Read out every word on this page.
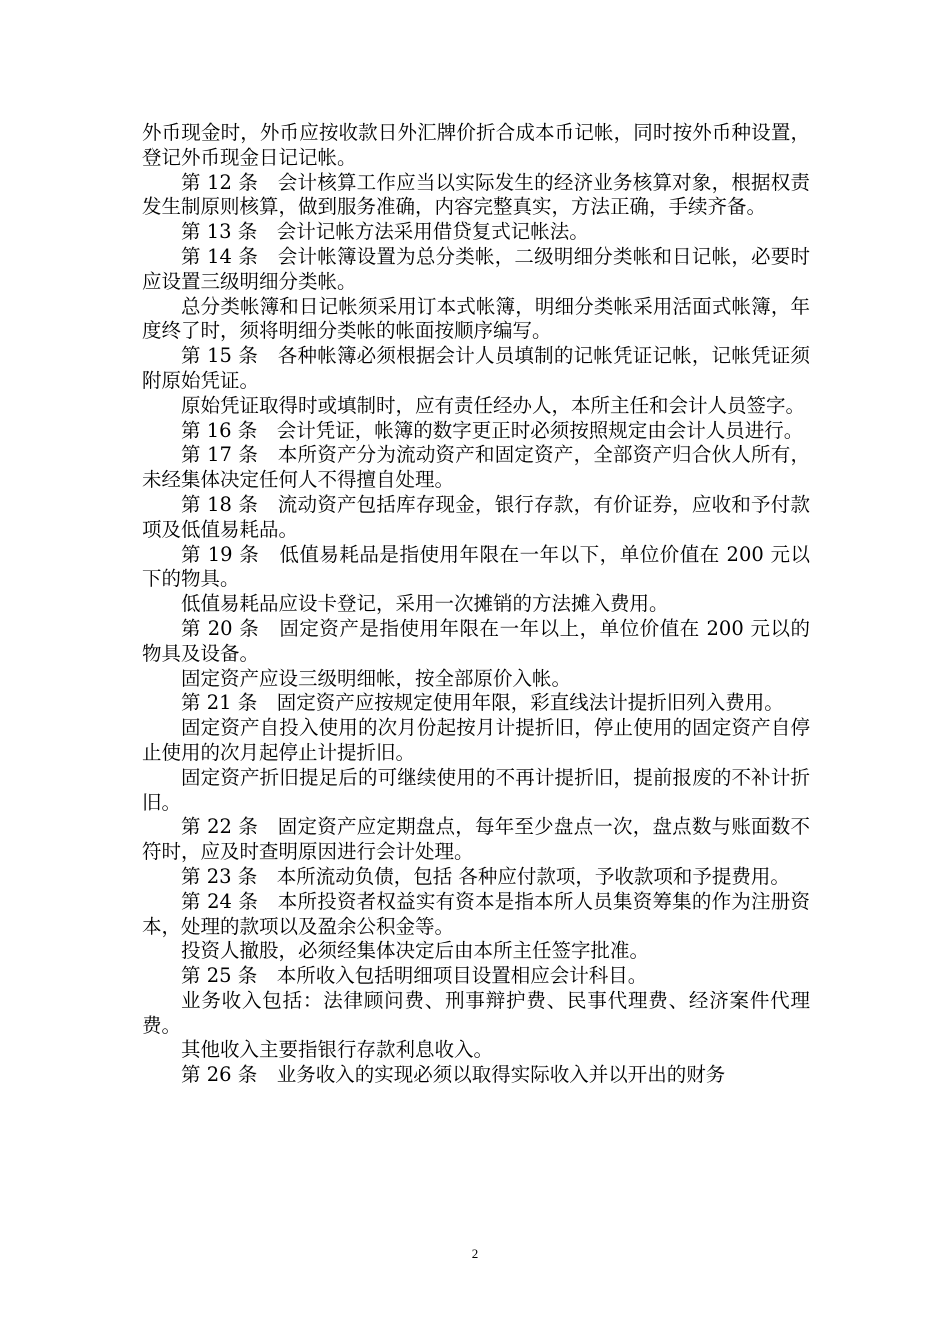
外币现金时，外币应按收款日外汇牌价折合成本币记帐，同时按外币种设置，登记外币现金日记记帐。

第 12 条　会计核算工作应当以实际发生的经济业务核算对象，根据权责发生制原则核算，做到服务准确，内容完整真实，方法正确，手续齐备。

第 13 条　会计记帐方法采用借贷复式记帐法。

第 14 条　会计帐簿设置为总分类帐，二级明细分类帐和日记帐，必要时应设置三级明细分类帐。

总分类帐簿和日记帐须采用订本式帐簿，明细分类帐采用活面式帐簿，年度终了时，须将明细分类帐的帐面按顺序编写。

第 15 条　各种帐簿必须根据会计人员填制的记帐凭证记帐，记帐凭证须附原始凭证。

原始凭证取得时或填制时，应有责任经办人，本所主任和会计人员签字。

第 16 条　会计凭证，帐簿的数字更正时必须按照规定由会计人员进行。

第 17 条　本所资产分为流动资产和固定资产，全部资产归合伙人所有，未经集体决定任何人不得擅自处理。

第 18 条　流动资产包括库存现金，银行存款，有价证券，应收和予付款项及低值易耗品。

第 19 条　低值易耗品是指使用年限在一年以下，单位价值在 200 元以下的物具。

低值易耗品应设卡登记，采用一次摊销的方法摊入费用。

第 20 条　固定资产是指使用年限在一年以上，单位价值在 200 元以的物具及设备。

固定资产应设三级明细帐，按全部原价入帐。

第 21 条　固定资产应按规定使用年限，彩直线法计提折旧列入费用。

固定资产自投入使用的次月份起按月计提折旧，停止使用的固定资产自停止使用的次月起停止计提折旧。

固定资产折旧提足后的可继续使用的不再计提折旧，提前报废的不补计折旧。

第 22 条　固定资产应定期盘点，每年至少盘点一次，盘点数与账面数不符时，应及时查明原因进行会计处理。

第 23 条　本所流动负债，包括 各种应付款项，予收款项和予提费用。

第 24 条　本所投资者权益实有资本是指本所人员集资筹集的作为注册资本，处理的款项以及盈余公积金等。

投资人撤股，必须经集体决定后由本所主任签字批准。

第 25 条　本所收入包括明细项目设置相应会计科目。

业务收入包括：法律顾问费、刑事辩护费、民事代理费、经济案件代理费。

其他收入主要指银行存款利息收入。

第 26 条　业务收入的实现必须以取得实际收入并以开出的财务

2
